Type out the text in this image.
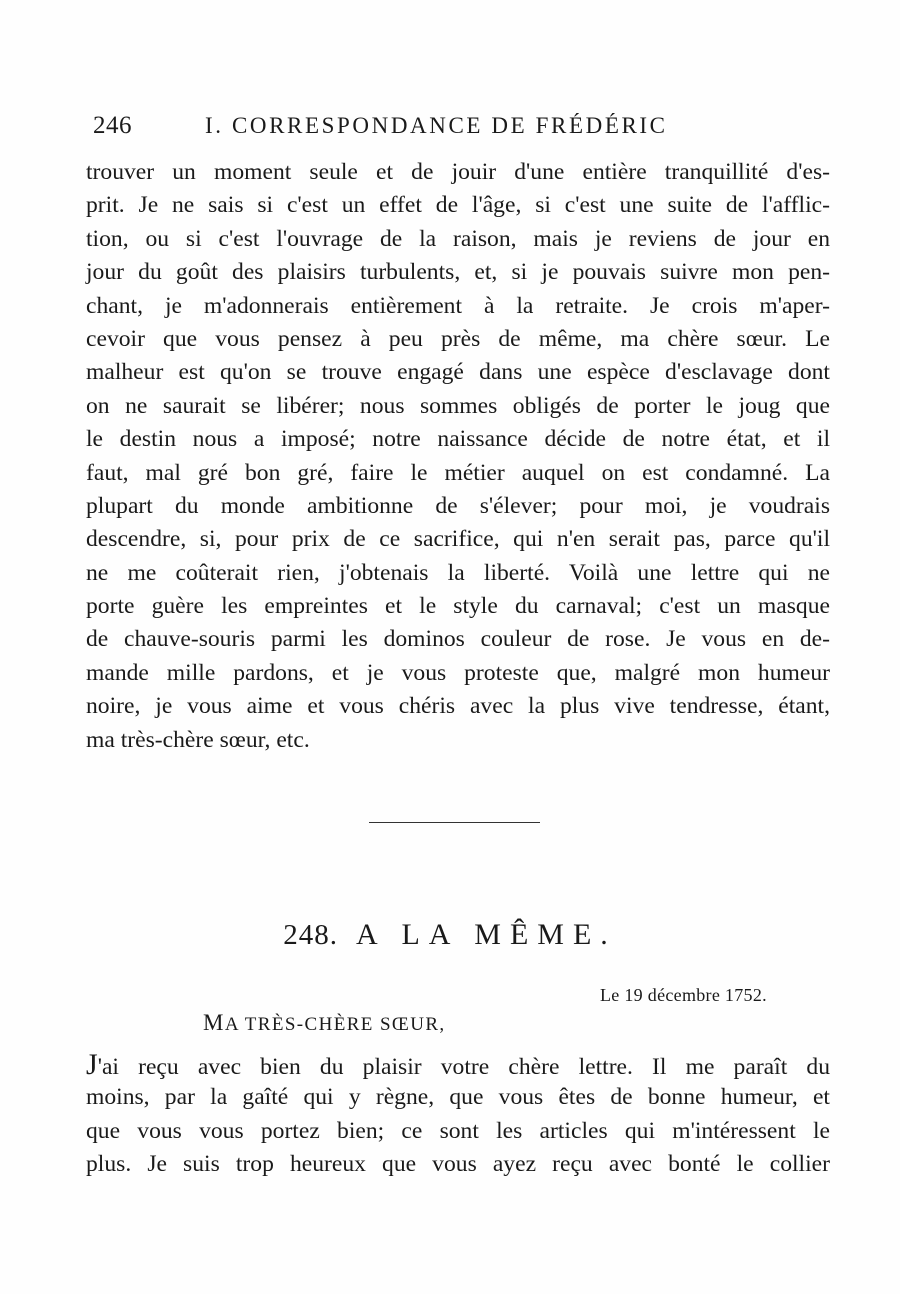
246	I. CORRESPONDANCE DE FRÉDÉRIC
trouver un moment seule et de jouir d'une entière tranquillité d'es-
prit. Je ne sais si c'est un effet de l'âge, si c'est une suite de l'afflic-
tion, ou si c'est l'ouvrage de la raison, mais je reviens de jour en
jour du goût des plaisirs turbulents, et, si je pouvais suivre mon pen-
chant, je m'adonnerais entièrement à la retraite. Je crois m'aper-
cevoir que vous pensez à peu près de même, ma chère sœur. Le
malheur est qu'on se trouve engagé dans une espèce d'esclavage dont
on ne saurait se libérer; nous sommes obligés de porter le joug que
le destin nous a imposé; notre naissance décide de notre état, et il
faut, mal gré bon gré, faire le métier auquel on est condamné. La
plupart du monde ambitionne de s'élever; pour moi, je voudrais
descendre, si, pour prix de ce sacrifice, qui n'en serait pas, parce qu'il
ne me coûterait rien, j'obtenais la liberté. Voilà une lettre qui ne
porte guère les empreintes et le style du carnaval; c'est un masque
de chauve-souris parmi les dominos couleur de rose. Je vous en de-
mande mille pardons, et je vous proteste que, malgré mon humeur
noire, je vous aime et vous chéris avec la plus vive tendresse, étant,
ma très-chère sœur, etc.
248. A LA MÊME.
Le 19 décembre 1752.
MA TRÈS-CHÈRE SŒUR,
J'ai reçu avec bien du plaisir votre chère lettre. Il me paraît du
moins, par la gaîté qui y règne, que vous êtes de bonne humeur, et
que vous vous portez bien; ce sont les articles qui m'intéressent le
plus. Je suis trop heureux que vous ayez reçu avec bonté le collier
